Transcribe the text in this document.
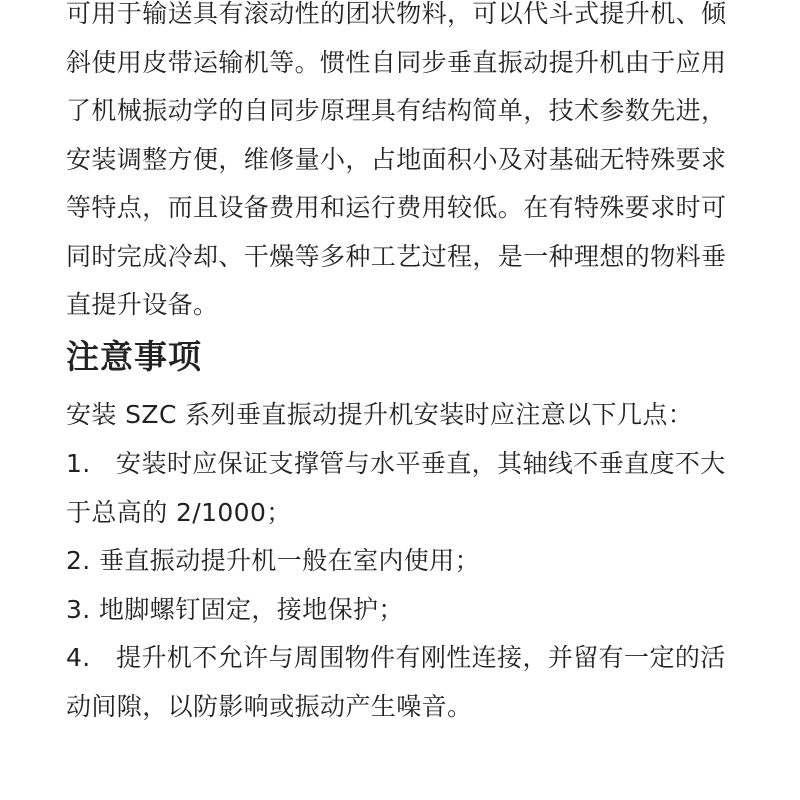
可用于输送具有滚动性的团状物料，可以代斗式提升机、倾斜使用皮带运输机等。惯性自同步垂直振动提升机由于应用了机械振动学的自同步原理具有结构简单，技术参数先进，安装调整方便，维修量小，占地面积小及对基础无特殊要求等特点，而且设备费用和运行费用较低。在有特殊要求时可同时完成冷却、干燥等多种工艺过程，是一种理想的物料垂直提升设备。

注意事项

安装 SZC 系列垂直振动提升机安装时应注意以下几点：

1.　安装时应保证支撑管与水平垂直，其轴线不垂直度不大于总高的 2/1000；
2. 垂直振动提升机一般在室内使用；
3. 地脚螺钉固定，接地保护；
4.　提升机不允许与周围物件有刚性连接，并留有一定的活动间隙，以防影响或振动产生噪音。
